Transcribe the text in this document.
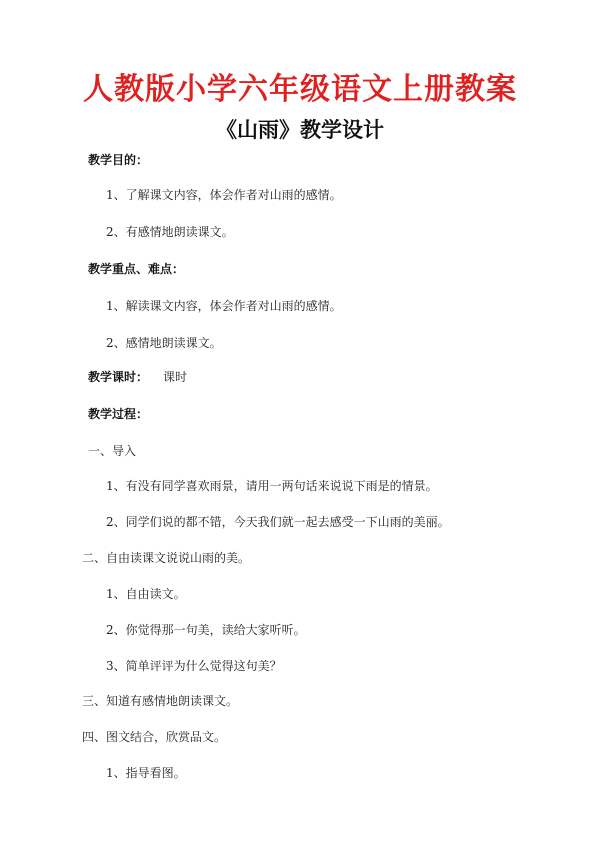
人教版小学六年级语文上册教案
《山雨》教学设计
教学目的：
1、了解课文内容，体会作者对山雨的感情。
2、有感情地朗读课文。
教学重点、难点：
1、解读课文内容，体会作者对山雨的感情。
2、感情地朗读课文。
教学课时： 课时
教学过程：
一、导入
1、有没有同学喜欢雨景，请用一两句话来说说下雨是的情景。
2、同学们说的都不错，今天我们就一起去感受一下山雨的美丽。
二、自由读课文说说山雨的美。
1、自由读文。
2、你觉得那一句美，读给大家听听。
3、简单评评为什么觉得这句美？
三、知道有感情地朗读课文。
四、图文结合，欣赏品文。
1、指导看图。
